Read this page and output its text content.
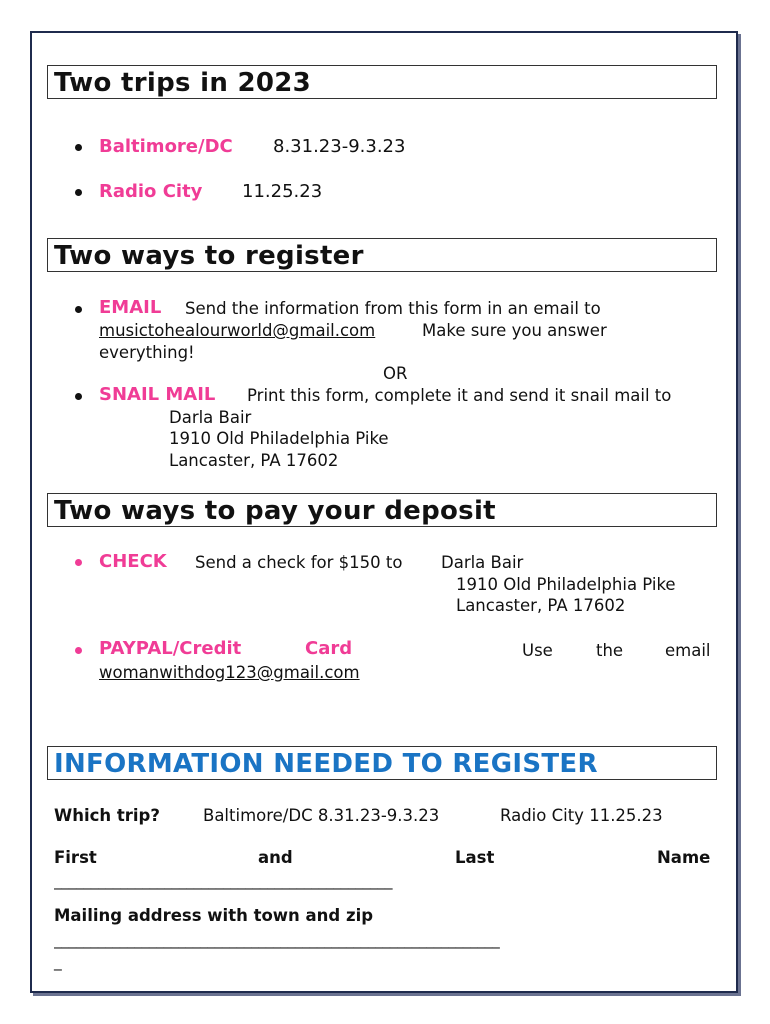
Two trips in 2023
Baltimore/DC 8.31.23-9.3.23
Radio City 11.25.23
Two ways to register
EMAIL Send the information from this form in an email to
musictohealourworld@gmail.com	Make sure you answer
everything!
OR
SNAIL MAIL Print this form, complete it and send it snail mail to
Darla Bair
1910 Old Philadelphia Pike
Lancaster, PA 17602
Two ways to pay your deposit
CHECK Send a check for $150 to Darla Bair
1910 Old Philadelphia Pike
Lancaster, PA 17602
PAYPAL/Credit	Card	Use	the	email
womanwithdog123@gmail.com
INFORMATION NEEDED TO REGISTER
Which trip?	Baltimore/DC 8.31.23-9.3.23	Radio City 11.25.23
First	and	Last	Name
______________________________________________
Mailing address with town and zip
_____________________________________________________________
_
